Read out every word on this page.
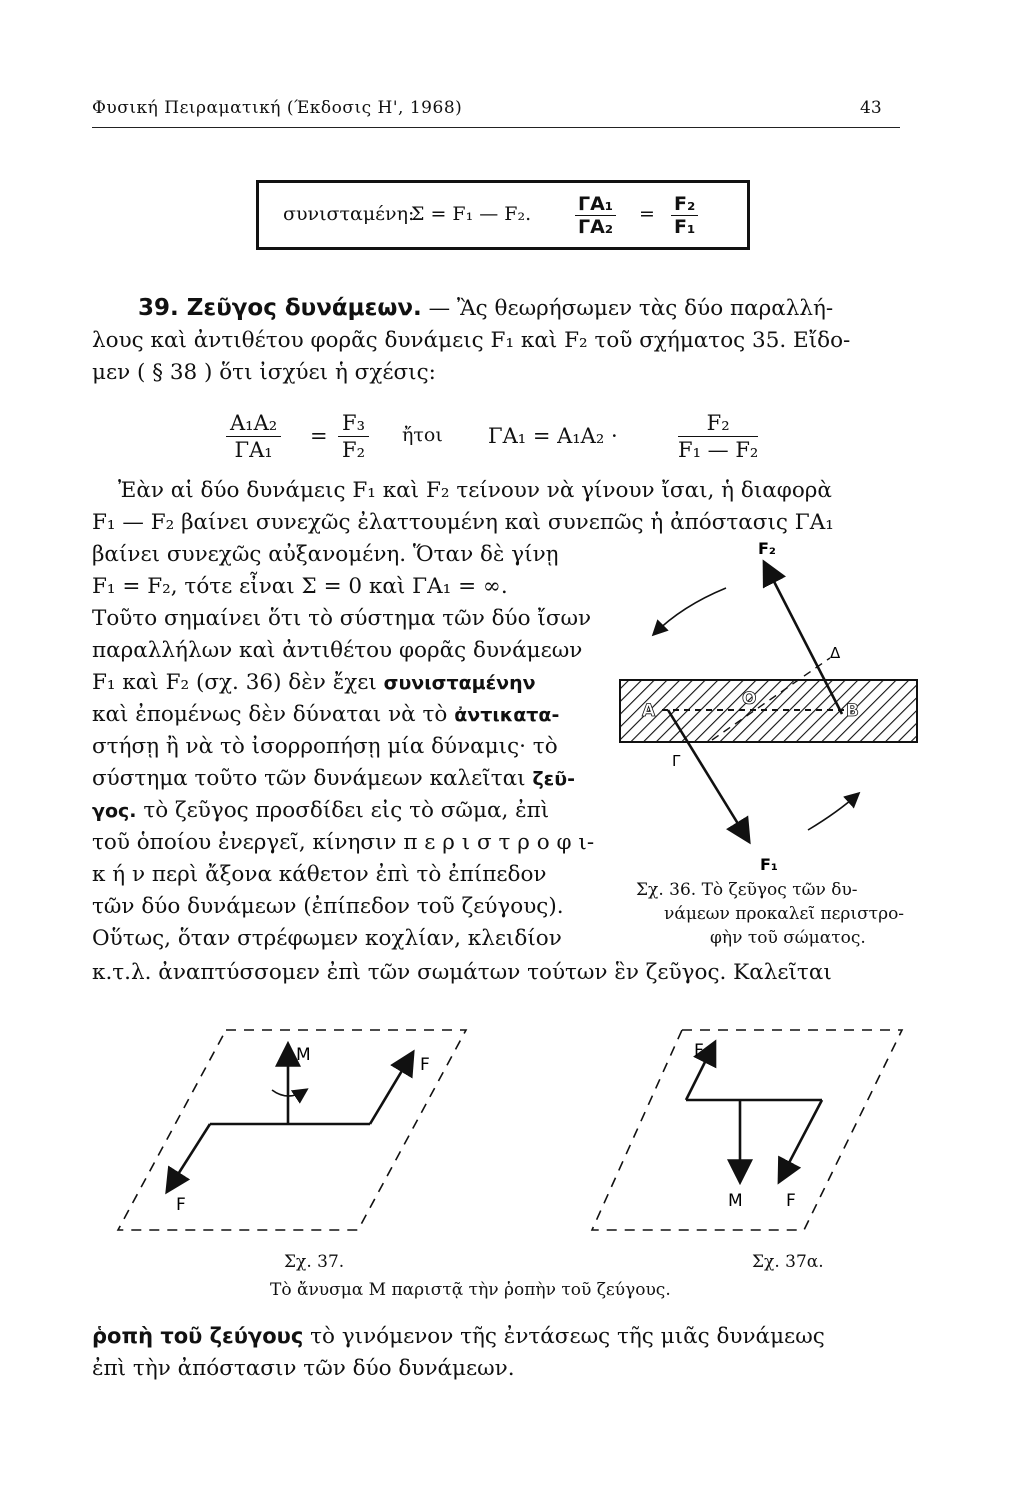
Φυσική Πειραματική (Έκδοσις Η', 1968)	43
συνισταμένη:
Σ = F₁ — F₂. $\frac{\text{ΓA₁}}{\text{ΓA₂}} = \frac{\text{F₂}}{\text{F₁}}$
39. Ζεῦγος δυνάμεων. — Ἂς θεωρήσωμεν τὰς δύο παραλλή-
λους καὶ ἀντιθέτου φορᾶς δυνάμεις F₁ καὶ F₂ τοῦ σχήματος 35. Εἴδο-
μεν ( § 38 ) ὅτι ἰσχύει ἡ σχέσις:
$\frac{\text{A₁A₂}}{\text{ΓA₁}} = \frac{\text{F₃}}{\text{F₂}}$ ἤτοι ΓA₁ = A₁A₂ ·	$\frac{\text{F₂}}{\text{F₁ — F₂}}$
Ἐὰν αἱ δύο δυνάμεις F₁ καὶ F₂ τείνουν νὰ γίνουν ἴσαι, ἡ διαφορὰ
F₁ — F₂ βαίνει συνεχῶς ἐλαττουμένη καὶ συνεπῶς ἡ ἀπόστασις ΓA₁
βαίνει συνεχῶς αὐξανομένη. Ὅταν δὲ γίνῃ
F₁ = F₂, τότε εἶναι Σ = 0 καὶ ΓA₁ = ∞.
Τοῦτο σημαίνει ὅτι τὸ σύστημα τῶν δύο ἴσων
παραλλήλων καὶ ἀντιθέτου φορᾶς δυνάμεων
F₁ καὶ F₂ (σχ. 36) δὲν ἔχει συνισταμένην
καὶ ἐπομένως δὲν δύναται νὰ τὸ ἀντικατα-
στήσῃ ἢ νὰ τὸ ἰσορροπήσῃ μία δύναμις· τὸ
σύστημα τοῦτο τῶν δυνάμεων καλεῖται ζεῦ-
γος. τὸ ζεῦγος προσδίδει εἰς τὸ σῶμα, ἐπὶ
τοῦ ὁποίου ἐνεργεῖ, κίνησιν π ε ρ ι σ τ ρ ο φ ι-
κ ή ν περὶ ἄξονα κάθετον ἐπὶ τὸ ἐπίπεδον
τῶν δύο δυνάμεων (ἐπίπεδον τοῦ ζεύγους).
Οὕτως, ὅταν στρέφωμεν κοχλίαν, κλειδίον
κ.τ.λ. ἀναπτύσσομεν ἐπὶ τῶν σωμάτων τούτων ἓν ζεῦγος. Καλεῖται
F₂
F₁
A	B
O
Γ
Δ
Σχ. 36. Τὸ ζεῦγος τῶν δυ-
νάμεων προκαλεῖ περιστρο-
φὴν τοῦ σώματος.
M	F
F
Σχ. 37.
F
M	F
Σχ. 37α.
Τὸ ἄνυσμα M παριστᾷ τὴν ῥοπὴν τοῦ ζεύγους.
ῥοπὴ τοῦ ζεύγους τὸ γινόμενον τῆς ἐντάσεως τῆς μιᾶς δυνάμεως
ἐπὶ τὴν ἀπόστασιν τῶν δύο δυνάμεων.
